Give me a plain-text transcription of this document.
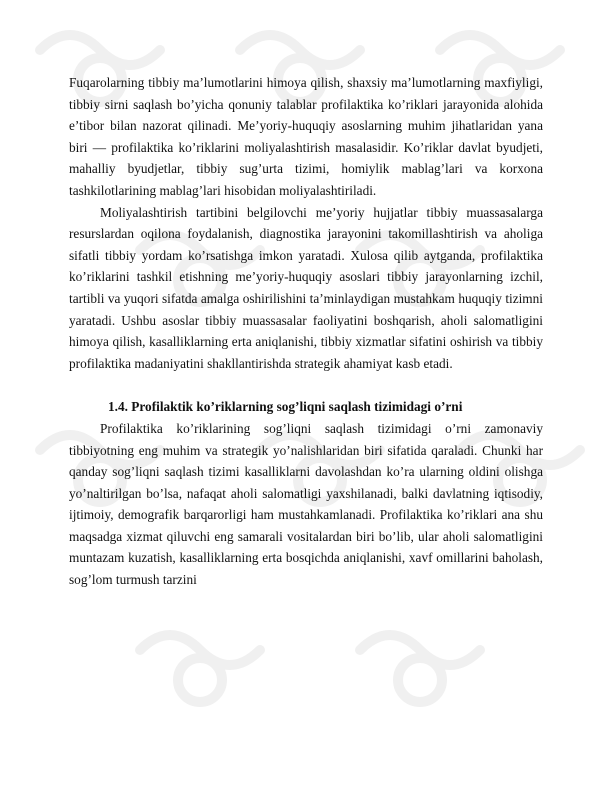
Fuqarolarning tibbiy ma’lumotlarini himoya qilish, shaxsiy ma’lumotlarning maxfiyligi, tibbiy sirni saqlash bo’yicha qonuniy talablar profilaktika ko’riklari jarayonida alohida e’tibor bilan nazorat qilinadi. Me’yoriy-huquqiy asoslarning muhim jihatlaridan yana biri — profilaktika ko’riklarini moliyalashtirish masalasidir. Ko’riklar davlat byudjeti, mahalliy byudjetlar, tibbiy sug’urta tizimi, homiylik mablag’lari va korxona tashkilotlarining mablag’lari hisobidan moliyalashtiriladi.

Moliyalashtirish tartibini belgilovchi me’yoriy hujjatlar tibbiy muassasalarga resurslardan oqilona foydalanish, diagnostika jarayonini takomillashtirish va aholiga sifatli tibbiy yordam ko’rsatishga imkon yaratadi. Xulosa qilib aytganda, profilaktika ko’riklarini tashkil etishning me’yoriy-huquqiy asoslari tibbiy jarayonlarning izchil, tartibli va yuqori sifatda amalga oshirilishini ta’minlaydigan mustahkam huquqiy tizimni yaratadi. Ushbu asoslar tibbiy muassasalar faoliyatini boshqarish, aholi salomatligini himoya qilish, kasalliklarning erta aniqlanishi, tibbiy xizmatlar sifatini oshirish va tibbiy profilaktika madaniyatini shakllantirishda strategik ahamiyat kasb etadi.

1.4. Profilaktik ko’riklarning sog’liqni saqlash tizimidagi o’rni

Profilaktika ko’riklarining sog’liqni saqlash tizimidagi o’rni zamonaviy tibbiyotning eng muhim va strategik yo’nalishlaridan biri sifatida qaraladi. Chunki har qanday sog’liqni saqlash tizimi kasalliklarni davolashdan ko’ra ularning oldini olishga yo’naltirilgan bo’lsa, nafaqat aholi salomatligi yaxshilanadi, balki davlatning iqtisodiy, ijtimoiy, demografik barqarorligi ham mustahkamlanadi. Profilaktika ko’riklari ana shu maqsadga xizmat qiluvchi eng samarali vositalardan biri bo’lib, ular aholi salomatligini muntazam kuzatish, kasalliklarning erta bosqichda aniqlanishi, xavf omillarini baholash, sog’lom turmush tarzini
